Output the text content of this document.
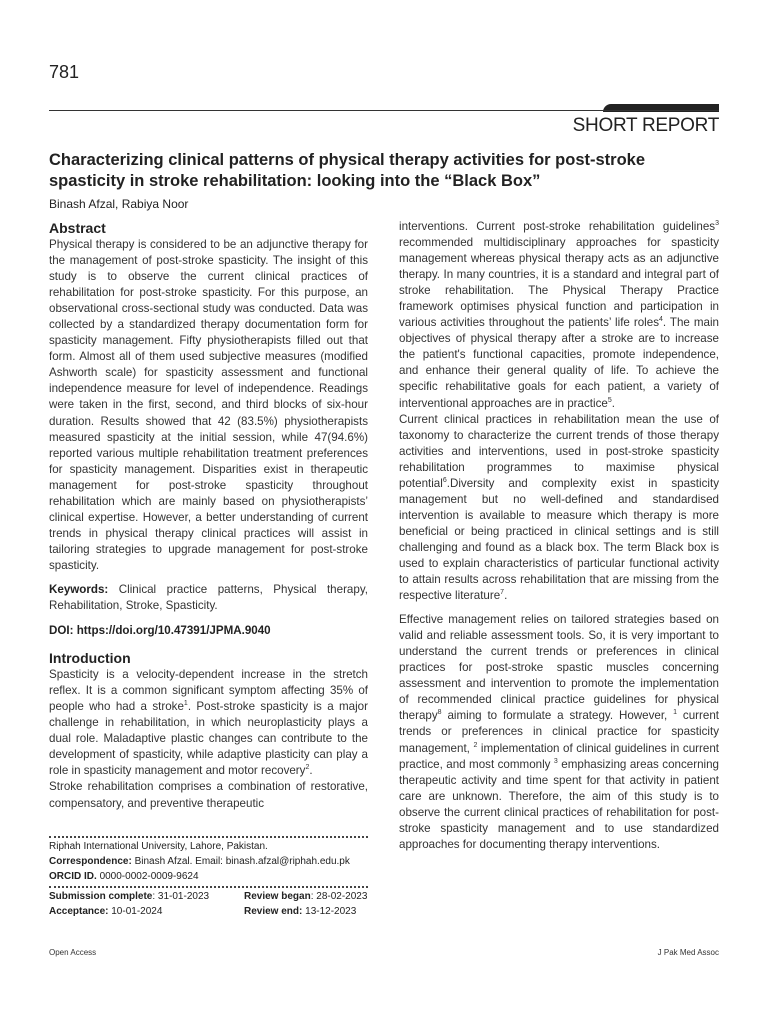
781
SHORT REPORT
Characterizing clinical patterns of physical therapy activities for post-stroke spasticity in stroke rehabilitation: looking into the “Black Box”
Binash Afzal, Rabiya Noor
Abstract

Physical therapy is considered to be an adjunctive therapy for the management of post-stroke spasticity. The insight of this study is to observe the current clinical practices of rehabilitation for post-stroke spasticity. For this purpose, an observational cross-sectional study was conducted. Data was collected by a standardized therapy documentation form for spasticity management. Fifty physiotherapists filled out that form. Almost all of them used subjective measures (modified Ashworth scale) for spasticity assessment and functional independence measure for level of independence. Readings were taken in the first, second, and third blocks of six-hour duration. Results showed that 42 (83.5%) physiotherapists measured spasticity at the initial session, while 47(94.6%) reported various multiple rehabilitation treatment preferences for spasticity management. Disparities exist in therapeutic management for post-stroke spasticity throughout rehabilitation which are mainly based on physiotherapists’ clinical expertise. However, a better understanding of current trends in physical therapy clinical practices will assist in tailoring strategies to upgrade management for post-stroke spasticity.

Keywords: Clinical practice patterns, Physical therapy, Rehabilitation, Stroke, Spasticity.

DOI: https://doi.org/10.47391/JPMA.9040

Introduction

Spasticity is a velocity-dependent increase in the stretch reflex. It is a common significant symptom affecting 35% of people who had a stroke$^1$. Post-stroke spasticity is a major challenge in rehabilitation, in which neuroplasticity plays a dual role. Maladaptive plastic changes can contribute to the development of spasticity, while adaptive plasticity can play a role in spasticity management and motor recovery$^2$.

Stroke rehabilitation comprises a combination of restorative, compensatory, and preventive therapeutic

Riphah International University, Lahore, Pakistan.
Correspondence: Binash Afzal. Email: binash.afzal@riphah.edu.pk
ORCID ID. 0000-0002-0009-9624
Submission complete: 31-01-2023	Review began: 28-02-2023
Acceptance: 10-01-2024	Review end: 13-12-2023

interventions. Current post-stroke rehabilitation guidelines$^3$ recommended multidisciplinary approaches for spasticity management whereas physical therapy acts as an adjunctive therapy. In many countries, it is a standard and integral part of stroke rehabilitation. The Physical Therapy Practice framework optimises physical function and participation in various activities throughout the patients’ life roles$^4$. The main objectives of physical therapy after a stroke are to increase the patient's functional capacities, promote independence, and enhance their general quality of life. To achieve the specific rehabilitative goals for each patient, a variety of interventional approaches are in practice$^5$.

Current clinical practices in rehabilitation mean the use of taxonomy to characterize the current trends of those therapy activities and interventions, used in post-stroke spasticity rehabilitation programmes to maximise physical potential$^6$.Diversity and complexity exist in spasticity management but no well-defined and standardised intervention is available to measure which therapy is more beneficial or being practiced in clinical settings and is still challenging and found as a black box. The term Black box is used to explain characteristics of particular functional activity to attain results across rehabilitation that are missing from the respective literature$^7$.

Effective management relies on tailored strategies based on valid and reliable assessment tools. So, it is very important to understand the current trends or preferences in clinical practices for post-stroke spastic muscles concerning assessment and intervention to promote the implementation of recommended clinical practice guidelines for physical therapy$^8$ aiming to formulate a strategy. However, $^1$ current trends or preferences in clinical practice for spasticity management, $^2$ implementation of clinical guidelines in current practice, and most commonly $^3$ emphasizing areas concerning therapeutic activity and time spent for that activity in patient care are unknown. Therefore, the aim of this study is to observe the current clinical practices of rehabilitation for post-stroke spasticity management and to use standardized approaches for documenting therapy interventions.

Open Access	J Pak Med Assoc
